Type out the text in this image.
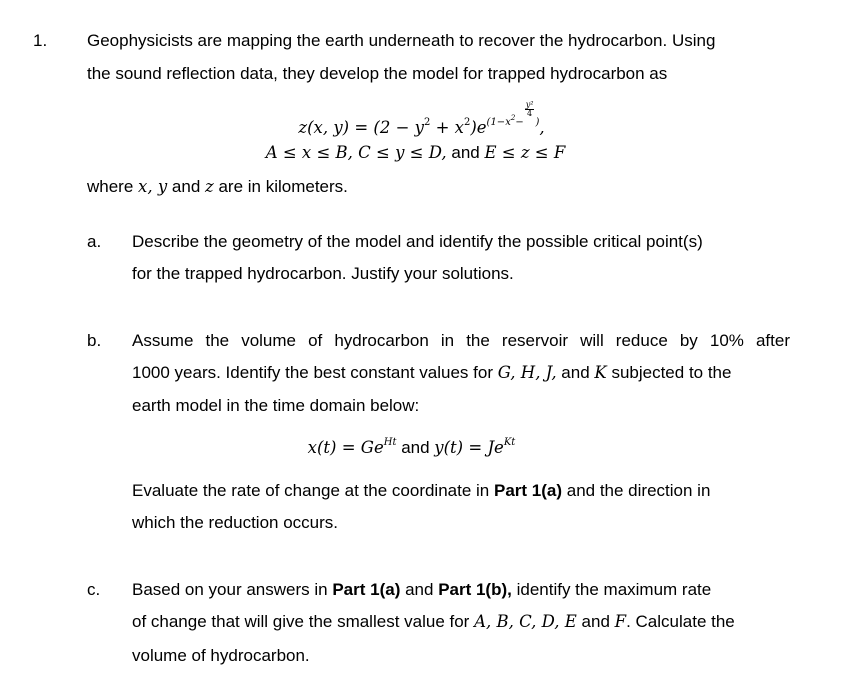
1. Geophysicists are mapping the earth underneath to recover the hydrocarbon. Using
the sound reflection data, they develop the model for trapped hydrocarbon as
z(x, $y) = (2 - y^2 + x^2)e^{(1-x^2- \frac{\text{y²}}{4} )}$,
A ≤ x ≤ B, C ≤ y ≤ D, and E ≤ z ≤ F
where x, y and z are in kilometers.
a. Describe the geometry of the model and identify the possible critical point(s)
for the trapped hydrocarbon. Justify your solutions.
b. Assume the volume of hydrocarbon in the reservoir will reduce by 10% after
1000 years. Identify the best constant values for G, H, J, and K subjected to the
earth model in the time domain below:
$x(t) = Ge^{Ht}$ and $y(t) = Je^{Kt}$
Evaluate the rate of change at the coordinate in Part 1(a) and the direction in
which the reduction occurs.
c. Based on your answers in Part 1(a) and Part 1(b), identify the maximum rate
of change that will give the smallest value for A, B, C, D, E and F. Calculate the
volume of hydrocarbon.
